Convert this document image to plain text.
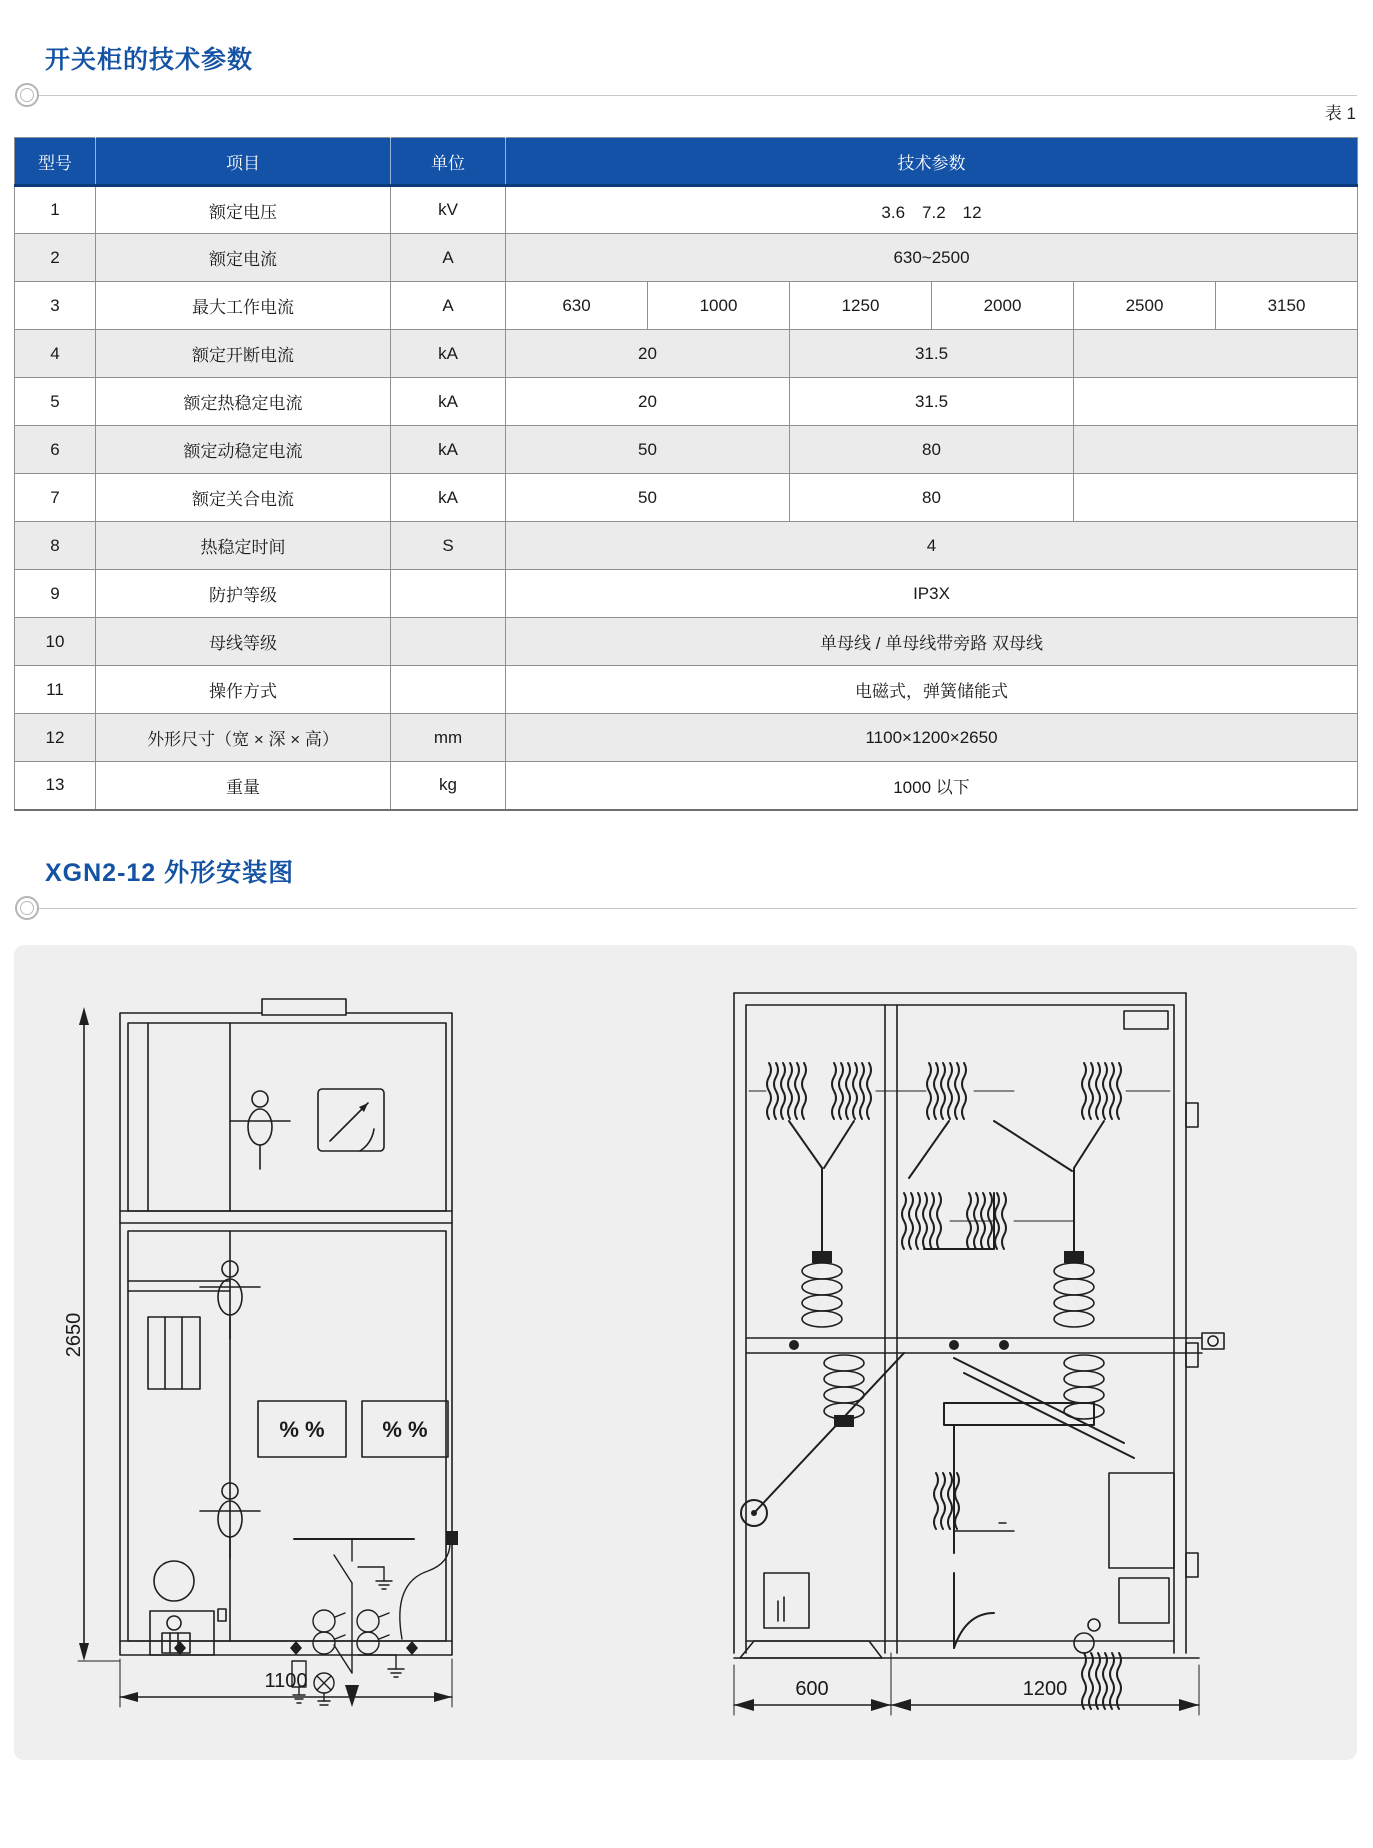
开关柜的技术参数
表 1
型号	项目	单位	技术参数					
1	额定电压	kV	3.6　7.2　12					
2	额定电流	A	630~2500					
3	最大工作电流	A	630	1000	1250	2000	2500	3150
4	额定开断电流	kA	20		31.5			
5	额定热稳定电流	kA	20		31.5			
6	额定动稳定电流	kA	50		80			
7	额定关合电流	kA	50		80			
8	热稳定时间	S	4					
9	防护等级		IP3X					
10	母线等级		单母线 / 单母线带旁路 双母线					
11	操作方式		电磁式，弹簧储能式					
12	外形尺寸（宽 × 深 × 高）	mm	1100×1200×2650					
13	重量	kg	1000 以下					
XGN2-12 外形安装图
2650
% %	% %
1100	600	1200
